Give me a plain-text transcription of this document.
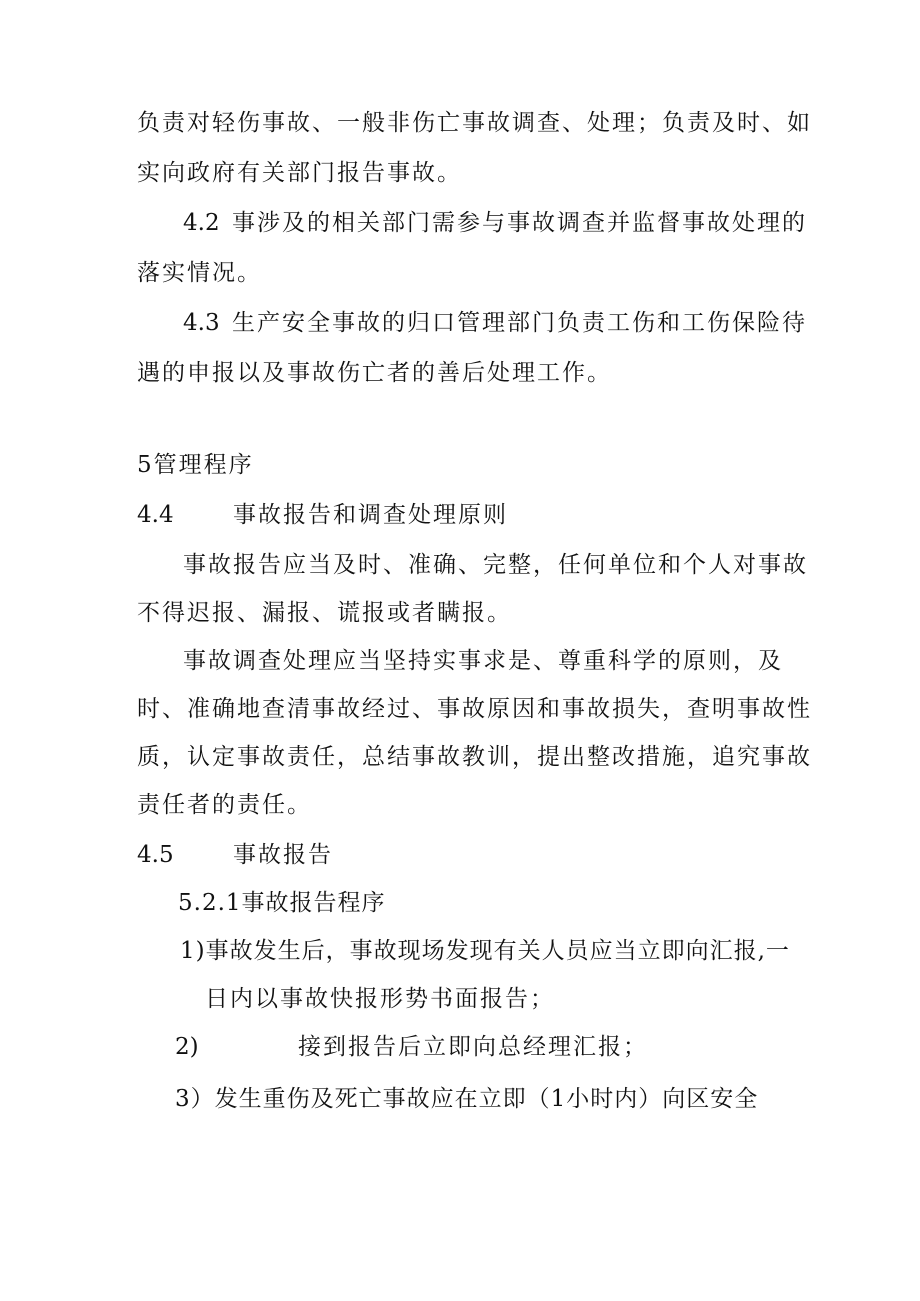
负责对轻伤事故、一般非伤亡事故调查、处理；负责及时、如
实向政府有关部门报告事故。
4.2 事涉及的相关部门需参与事故调查并监督事故处理的
落实情况。
4.3 生产安全事故的归口管理部门负责工伤和工伤保险待
遇的申报以及事故伤亡者的善后处理工作。
5管理程序
4.4	事故报告和调查处理原则
事故报告应当及时、准确、完整，任何单位和个人对事故
不得迟报、漏报、谎报或者瞒报。
事故调查处理应当坚持实事求是、尊重科学的原则，及
时、准确地查清事故经过、事故原因和事故损失，查明事故性
质，认定事故责任，总结事故教训，提出整改措施，追究事故
责任者的责任。
4.5	事故报告
5.2.1事故报告程序
1)事故发生后，事故现场发现有关人员应当立即向汇报,一
日内以事故快报形势书面报告；
2)	接到报告后立即向总经理汇报；
3）发生重伤及死亡事故应在立即（1小时内）向区安全
